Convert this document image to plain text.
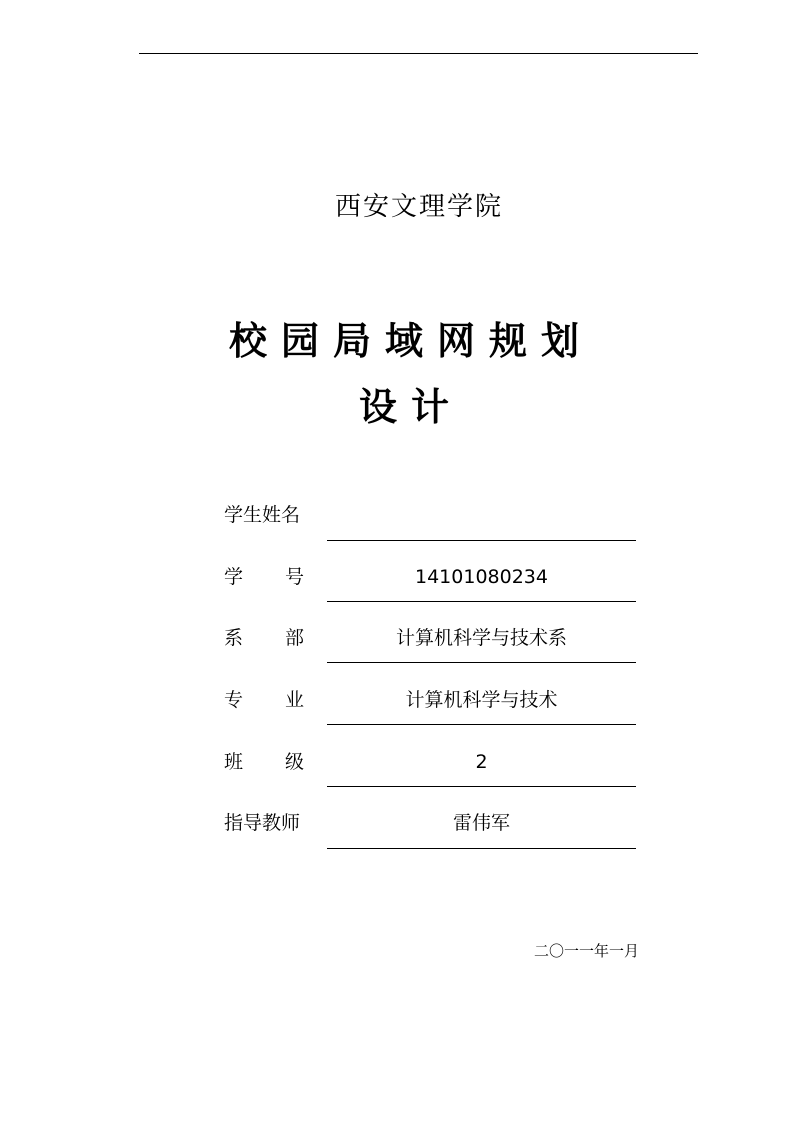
西安文理学院
校园局域网规划
设计
学生姓名
学 号	14101080234
系 部	计算机科学与技术系
专 业	计算机科学与技术
班 级	2
指导教师	雷伟军
二〇一一年一月
